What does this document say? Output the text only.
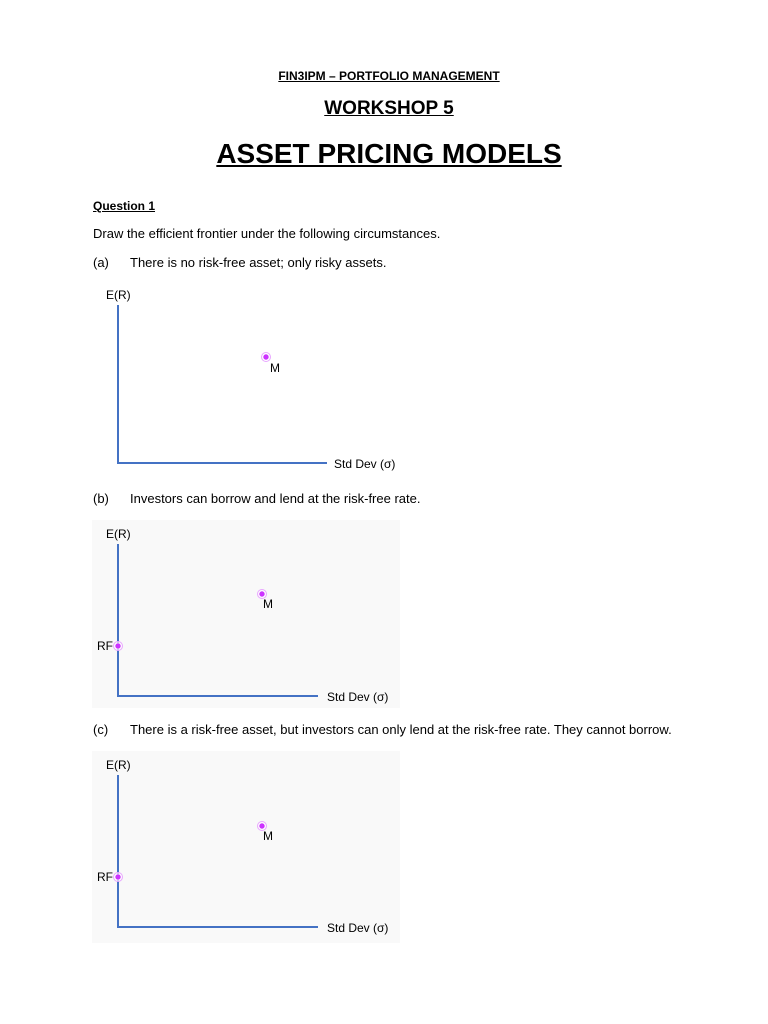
FIN3IPM – PORTFOLIO MANAGEMENT
WORKSHOP 5
ASSET PRICING MODELS
Question 1
Draw the efficient frontier under the following circumstances.
(a) There is no risk-free asset; only risky assets.
E(R)
M
Std Dev (σ)
(b) Investors can borrow and lend at the risk-free rate.
E(R)
M
RF
Std Dev (σ)
(c) There is a risk-free asset, but investors can only lend at the risk-free rate. They cannot borrow.
E(R)
M
RF
Std Dev (σ)
